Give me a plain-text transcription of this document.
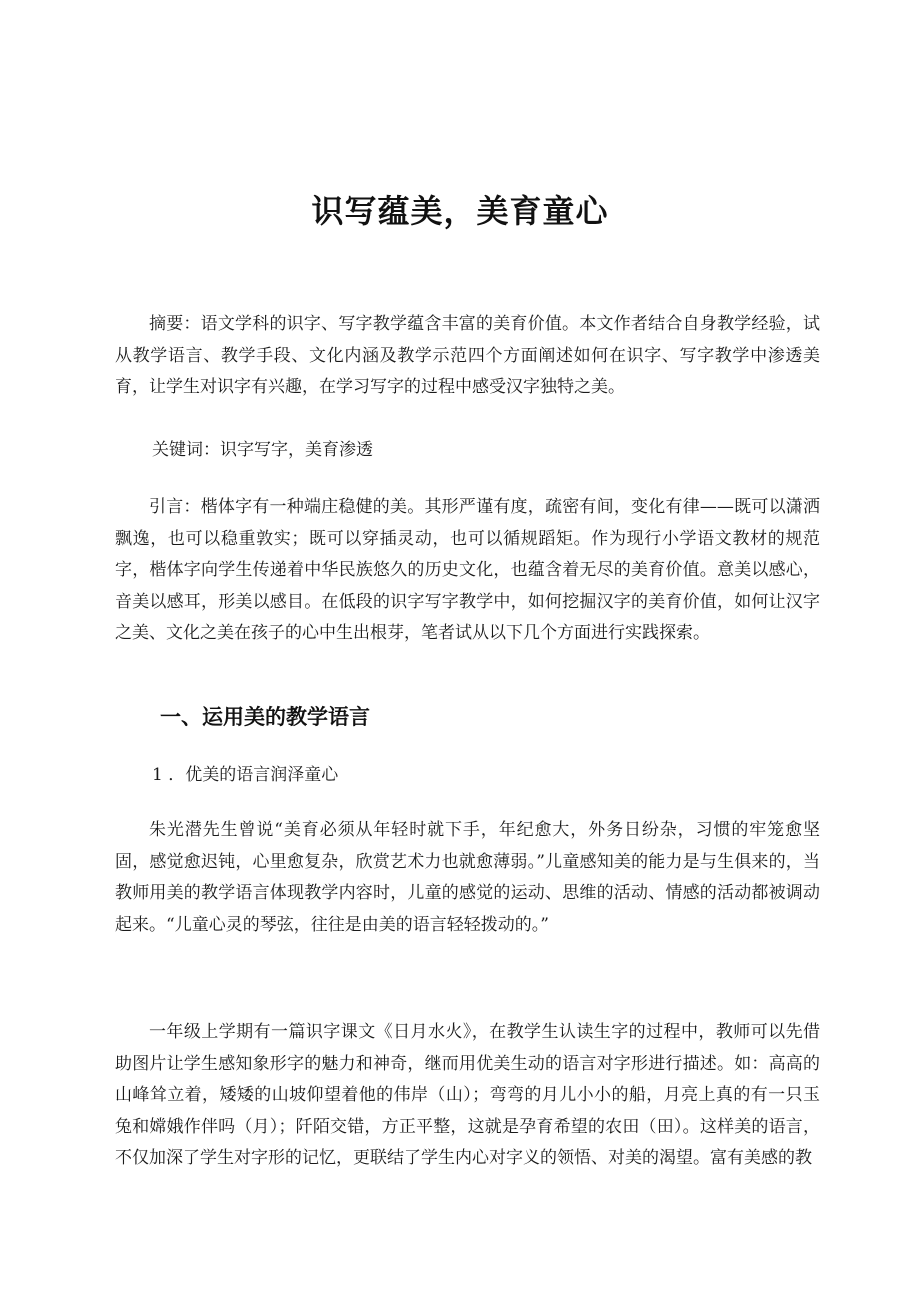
识写蕴美，美育童心

摘要：语文学科的识字、写字教学蕴含丰富的美育价值。本文作者结合自身教学经验，试从教学语言、教学手段、文化内涵及教学示范四个方面阐述如何在识字、写字教学中渗透美育，让学生对识字有兴趣，在学习写字的过程中感受汉字独特之美。

关键词：识字写字，美育渗透

引言：楷体字有一种端庄稳健的美。其形严谨有度，疏密有间，变化有律——既可以潇洒飘逸，也可以稳重敦实；既可以穿插灵动，也可以循规蹈矩。作为现行小学语文教材的规范字，楷体字向学生传递着中华民族悠久的历史文化，也蕴含着无尽的美育价值。意美以感心，音美以感耳，形美以感目。在低段的识字写字教学中，如何挖掘汉字的美育价值，如何让汉字之美、文化之美在孩子的心中生出根芽，笔者试从以下几个方面进行实践探索。

一、运用美的教学语言

1 ．优美的语言润泽童心

朱光潜先生曾说“美育必须从年轻时就下手，年纪愈大，外务日纷杂，习惯的牢笼愈坚固，感觉愈迟钝，心里愈复杂，欣赏艺术力也就愈薄弱。”儿童感知美的能力是与生俱来的，当教师用美的教学语言体现教学内容时，儿童的感觉的运动、思维的活动、情感的活动都被调动起来。“儿童心灵的琴弦，往往是由美的语言轻轻拨动的。”

一年级上学期有一篇识字课文《日月水火》，在教学生认读生字的过程中，教师可以先借助图片让学生感知象形字的魅力和神奇，继而用优美生动的语言对字形进行描述。如：高高的山峰耸立着，矮矮的山坡仰望着他的伟岸（山）；弯弯的月儿小小的船，月亮上真的有一只玉兔和嫦娥作伴吗（月）；阡陌交错，方正平整，这就是孕育希望的农田（田）。这样美的语言，不仅加深了学生对字形的记忆，更联结了学生内心对字义的领悟、对美的渴望。富有美感的教
